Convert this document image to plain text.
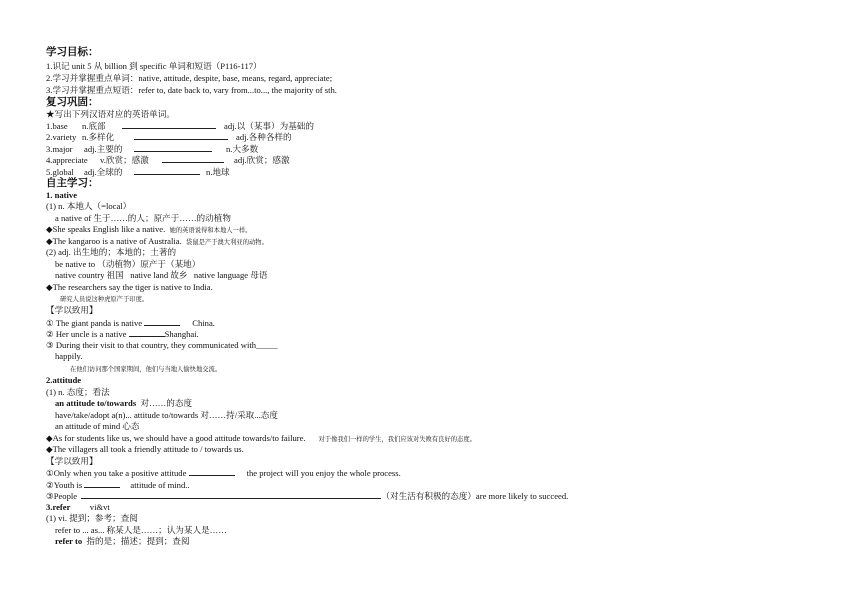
学习目标：
1.识记 unit 5 从 billion 到 specific 单词和短语（P116-117）
2.学习并掌握重点单词：native, attitude, despite, base, means, regard, appreciate;
3.学习并掌握重点短语：refer to, date back to, vary from...to..., the majority of sth.
复习巩固：
★写出下列汉语对应的英语单词。
1.base n.底部	adj.以（某事）为基础的
2.variety n.多样化	adj.各种各样的
3.major adj.主要的	n.大多数
4.appreciate v.欣赏；感激	adj.欣赏；感激
5.global adj.全球的	n.地球
自主学习：
1. native
(1) n. 本地人（=local）
a native of 生于……的人；原产于……的动植物
◆She speaks English like a native. 她的英语说得和本地人一样。
◆The kangaroo is a native of Australia. 袋鼠是产于澳大利亚的动物。
(2) adj. 出生地的；本地的；土著的
be native to （动植物）原产于（某地）
native country 祖国 native land 故乡 native language 母语
◆The researchers say the tiger is native to India.
研究人员说这种虎原产于印度。
【学以致用】
① The giant panda is native	China.
② Her uncle is a native	Shanghai.
③ During their visit to that country, they communicated with_____
happily.
在他们访问那个国家期间，他们与当地人愉快地交流。
2.attitude
(1) n. 态度；看法
an attitude to/towards 对……的态度
have/take/adopt a(n)... attitude to/towards 对……持/采取...态度
an attitude of mind 心态
◆As for students like us, we should have a good attitude towards/to failure. 对于像我们一样的学生，我们应该对失败有良好的态度。
◆The villagers all took a friendly attitude to / towards us.
【学以致用】
①Only when you take a positive attitude	the project will you enjoy the whole process.
②Youth is	attitude of mind..
③People	（对生活有积极的态度）are more likely to succeed.
3.refer vi&vt
(1) vi. 提到；参考；查阅
refer to ... as... 称某人是……；认为某人是……
refer to 指的是；描述；提到；查阅
